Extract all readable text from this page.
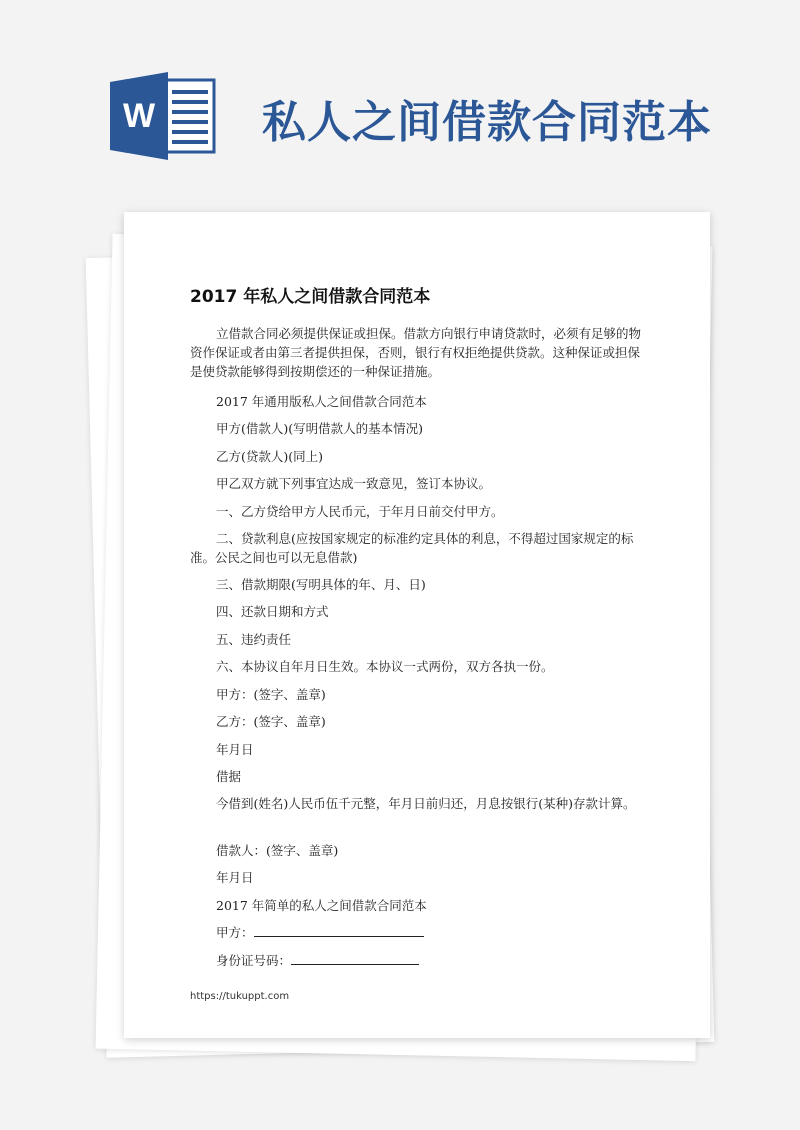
W 私人之间借款合同范本
2017 年私人之间借款合同范本

立借款合同必须提供保证或担保。借款方向银行申请贷款时，必须有足够的物资作保证或者由第三者提供担保，否则，银行有权拒绝提供贷款。这种保证或担保是使贷款能够得到按期偿还的一种保证措施。

2017 年通用版私人之间借款合同范本

甲方(借款人)(写明借款人的基本情况)

乙方(贷款人)(同上)

甲乙双方就下列事宜达成一致意见，签订本协议。

一、乙方贷给甲方人民币元，于年月日前交付甲方。

二、贷款利息(应按国家规定的标准约定具体的利息，不得超过国家规定的标准。公民之间也可以无息借款)

三、借款期限(写明具体的年、月、日)

四、还款日期和方式

五、违约责任

六、本协议自年月日生效。本协议一式两份，双方各执一份。

甲方：(签字、盖章)

乙方：(签字、盖章)

年月日

借据

今借到(姓名)人民币伍千元整，年月日前归还，月息按银行(某种)存款计算。

借款人：(签字、盖章)

年月日

2017 年简单的私人之间借款合同范本

甲方：

身份证号码：

https://tukuppt.com
